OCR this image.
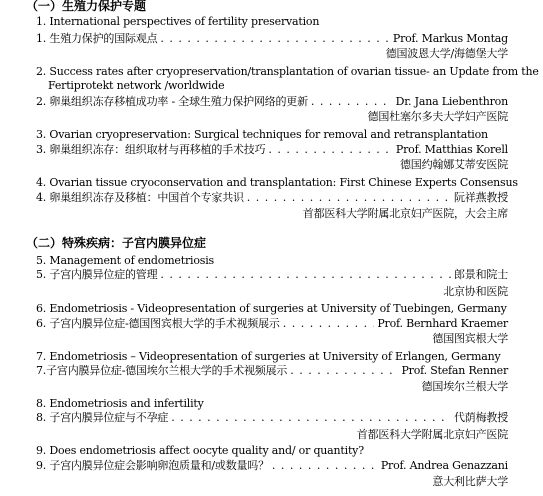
（一）生殖力保护专题
1. International perspectives of fertility preservation
1. 生殖力保护的国际观点 . . .	Prof. Markus Montag
德国波恩大学/海德堡大学
2. Success rates after cryopreservation/transplantation of ovarian tissue- an Update from the
Fertiprotekt network /worldwide
2. 卵巢组织冻存移植成功率 - 全球生殖力保护网络的更新 . . .	Dr. Jana Liebenthron
德国杜塞尔多夫大学妇产医院
3. Ovarian cryopreservation: Surgical techniques for removal and retransplantation
3. 卵巢组织冻存：组织取材与再移植的手术技巧 . . .	Prof. Matthias Korell
德国约翰娜艾蒂安医院
4. Ovarian tissue cryoconservation and transplantation: First Chinese Experts Consensus
4. 卵巢组织冻存及移植：中国首个专家共识 . . .	阮祥燕教授
首都医科大学附属北京妇产医院，大会主席
（二）特殊疾病：子宫内膜异位症
5. Management of endometriosis
5. 子宫内膜异位症的管理 . . .	郎景和院士
北京协和医院
6. Endometriosis - Videopresentation of surgeries at University of Tuebingen, Germany
6. 子宫内膜异位症-德国图宾根大学的手术视频展示 . . .	Prof. Bernhard Kraemer
德国图宾根大学
7. Endometriosis – Videopresentation of surgeries at University of Erlangen, Germany
7.子宫内膜异位症-德国埃尔兰根大学的手术视频展示 . . .	Prof. Stefan Renner
德国埃尔兰根大学
8. Endometriosis and infertility
8. 子宫内膜异位症与不孕症 . . .	代荫梅教授
首都医科大学附属北京妇产医院
9. Does endometriosis affect oocyte quality and/ or quantity?
9. 子宫内膜异位症会影响卵泡质量和/或数量吗？ . . .	Prof. Andrea Genazzani
意大利比萨大学
